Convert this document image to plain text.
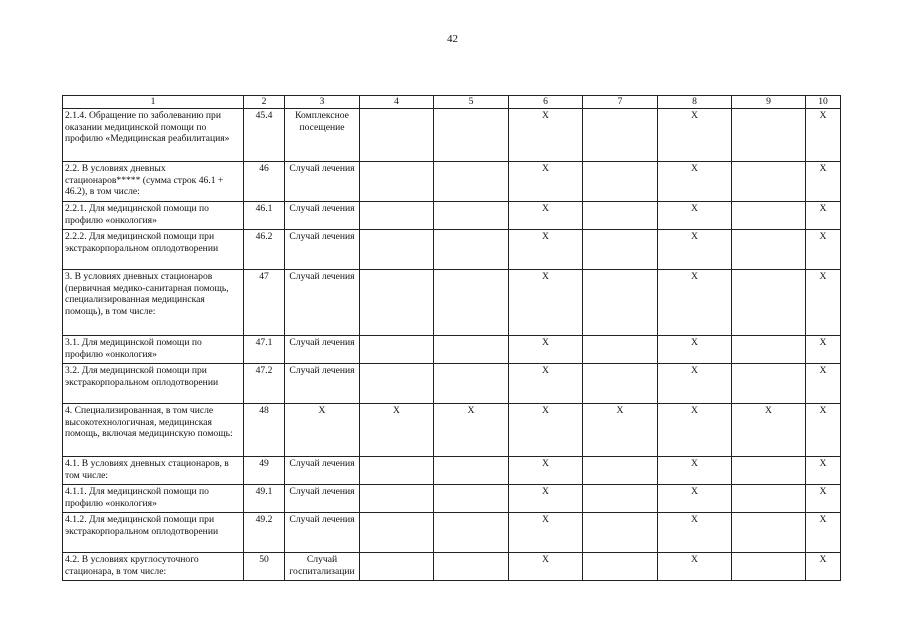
42
1	2	3	4	5	6	7	8	9	10
2.1.4. Обращение по заболеванию при оказании медицинской помощи по профилю «Медицинская реабилитация»	45.4	Комплексное посещение			Х		Х		Х
2.2. В условиях дневных стационаров***** (сумма строк 46.1 + 46.2), в том числе:	46	Случай лечения			Х		Х		Х
2.2.1. Для медицинской помощи по профилю «онкология»	46.1	Случай лечения			Х		Х		Х
2.2.2. Для медицинской помощи при экстракорпоральном оплодотворении	46.2	Случай лечения			Х		Х		Х
3. В условиях дневных стационаров (первичная медико-санитарная помощь, специализированная медицинская помощь), в том числе:	47	Случай лечения			Х		Х		Х
3.1. Для медицинской помощи по профилю «онкология»	47.1	Случай лечения			Х		Х		Х
3.2. Для медицинской помощи при экстракорпоральном оплодотворении	47.2	Случай лечения			Х		Х		Х
4. Специализированная, в том числе высокотехнологичная, медицинская помощь, включая медицинскую помощь:	48	Х	Х	Х	Х	Х	Х	Х	Х
4.1. В условиях дневных стационаров, в том числе:	49	Случай лечения			Х		Х		Х
4.1.1. Для медицинской помощи по профилю «онкология»	49.1	Случай лечения			Х		Х		Х
4.1.2. Для медицинской помощи при экстракорпоральном оплодотворении	49.2	Случай лечения			Х		Х		Х
4.2. В условиях круглосуточного стационара, в том числе:	50	Случай госпитализации			Х		Х		Х
